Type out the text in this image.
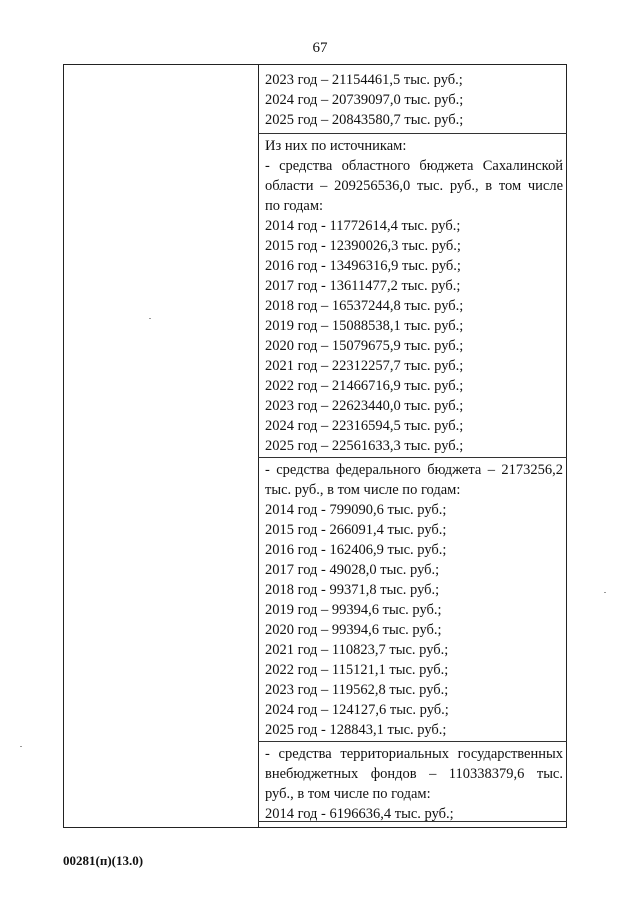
67
2023 год – 21154461,5 тыс. руб.;
2024 год – 20739097,0 тыс. руб.;
2025 год – 20843580,7 тыс. руб.;
Из них по источникам:
- средства областного бюджета Сахалинской
области – 209256536,0 тыс. руб., в том числе
по годам:
2014 год - 11772614,4 тыс. руб.;
2015 год - 12390026,3 тыс. руб.;
2016 год - 13496316,9 тыс. руб.;
2017 год - 13611477,2 тыс. руб.;
2018 год – 16537244,8 тыс. руб.;
2019 год – 15088538,1 тыс. руб.;
2020 год – 15079675,9 тыс. руб.;
2021 год – 22312257,7 тыс. руб.;
2022 год – 21466716,9 тыс. руб.;
2023 год – 22623440,0 тыс. руб.;
2024 год – 22316594,5 тыс. руб.;
2025 год – 22561633,3 тыс. руб.;
- средства федерального бюджета – 2173256,2
тыс. руб., в том числе по годам:
2014 год - 799090,6 тыс. руб.;
2015 год - 266091,4 тыс. руб.;
2016 год - 162406,9 тыс. руб.;
2017 год - 49028,0 тыс. руб.;
2018 год - 99371,8 тыс. руб.;
2019 год – 99394,6 тыс. руб.;
2020 год – 99394,6 тыс. руб.;
2021 год – 110823,7 тыс. руб.;
2022 год – 115121,1 тыс. руб.;
2023 год – 119562,8 тыс. руб.;
2024 год – 124127,6 тыс. руб.;
2025 год - 128843,1 тыс. руб.;
- средства территориальных государственных
внебюджетных фондов – 110338379,6 тыс.
руб., в том числе по годам:
2014 год - 6196636,4 тыс. руб.;
00281(п)(13.0)
